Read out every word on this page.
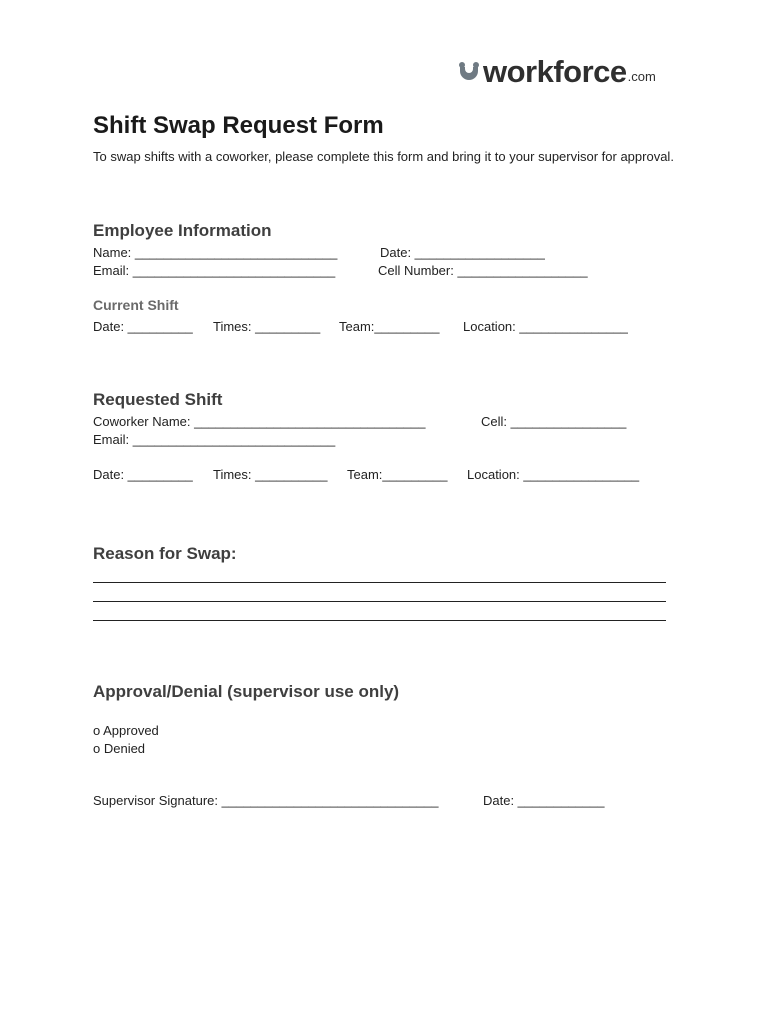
workforce .com
Shift Swap Request Form
To swap shifts with a coworker, please complete this form and bring it to your supervisor for approval.
Employee Information
Name: ____________________________	Date: __________________
Email: ____________________________	Cell Number: __________________
Current Shift
Date: _________ Times: _________ Team:_________ Location: _______________
Requested Shift
Coworker Name: ________________________________	Cell: ________________
Email: ____________________________
Date: _________ Times: __________ Team:_________ Location: ________________
Reason for Swap:
Approval/Denial (supervisor use only)
o Approved
o Denied
Supervisor Signature: ______________________________	Date: ____________
